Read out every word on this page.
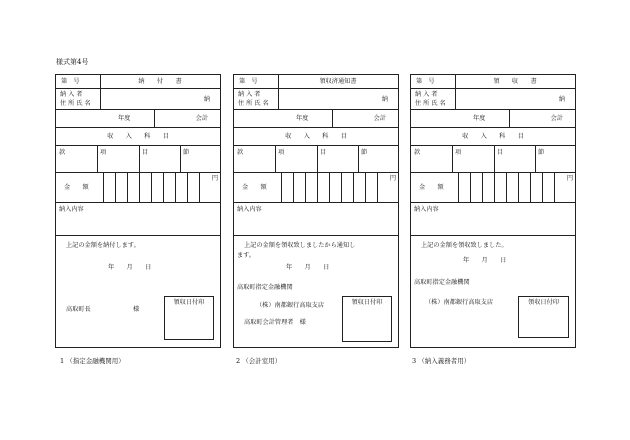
様式第4号
第　号	納　　付　　書
納 入 者
住 所 氏 名
納
年度	会計
収　　入　　科　　目
款	項	目	節
金　　額
円
納入内容
上記の金額を納付します。
年　　月　　日
高取町長	様
領収日付印
第　号	領収済通知書
納 入 者
住 所 氏 名
納
年度	会計
収　　入　　科　　目
款	項	目	節
金　　額
円
納入内容
上記の金額を領収致しましたから通知し
ます。
年　　月　　日
高取町指定金融機関
（株）南都銀行高取支店
高取町会計管理者　様
領収日付印
第　号	領　　収　　書
納 入 者
住 所 氏 名
納
年度	会計
収　　入　　科　　目
款	項	目	節
金　　額
円
納入内容
上記の金額を領収致しました。
年　　月　　日
高取町指定金融機関
（株）南都銀行高取支店	領収日付印
1 （指定金融機関用）	2 （会計室用）	3 （納入義務者用）
